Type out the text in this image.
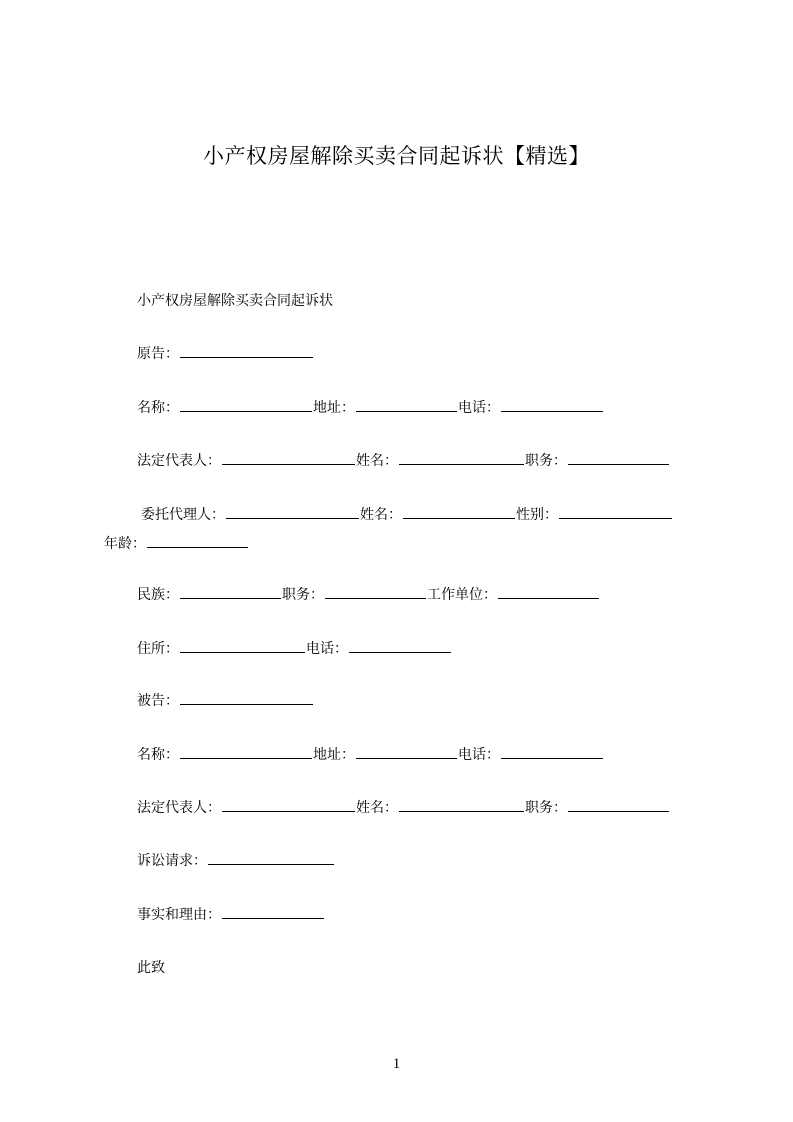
小产权房屋解除买卖合同起诉状【精选】
小产权房屋解除买卖合同起诉状
原告：
名称：	地址：	电话：
法定代表人：	姓名：	职务：
委托代理人：	姓名：	性别：
年龄：
民族：	职务：	工作单位：
住所：	电话：
被告：
名称：	地址：	电话：
法定代表人：	姓名：	职务：
诉讼请求：
事实和理由：
此致
1
